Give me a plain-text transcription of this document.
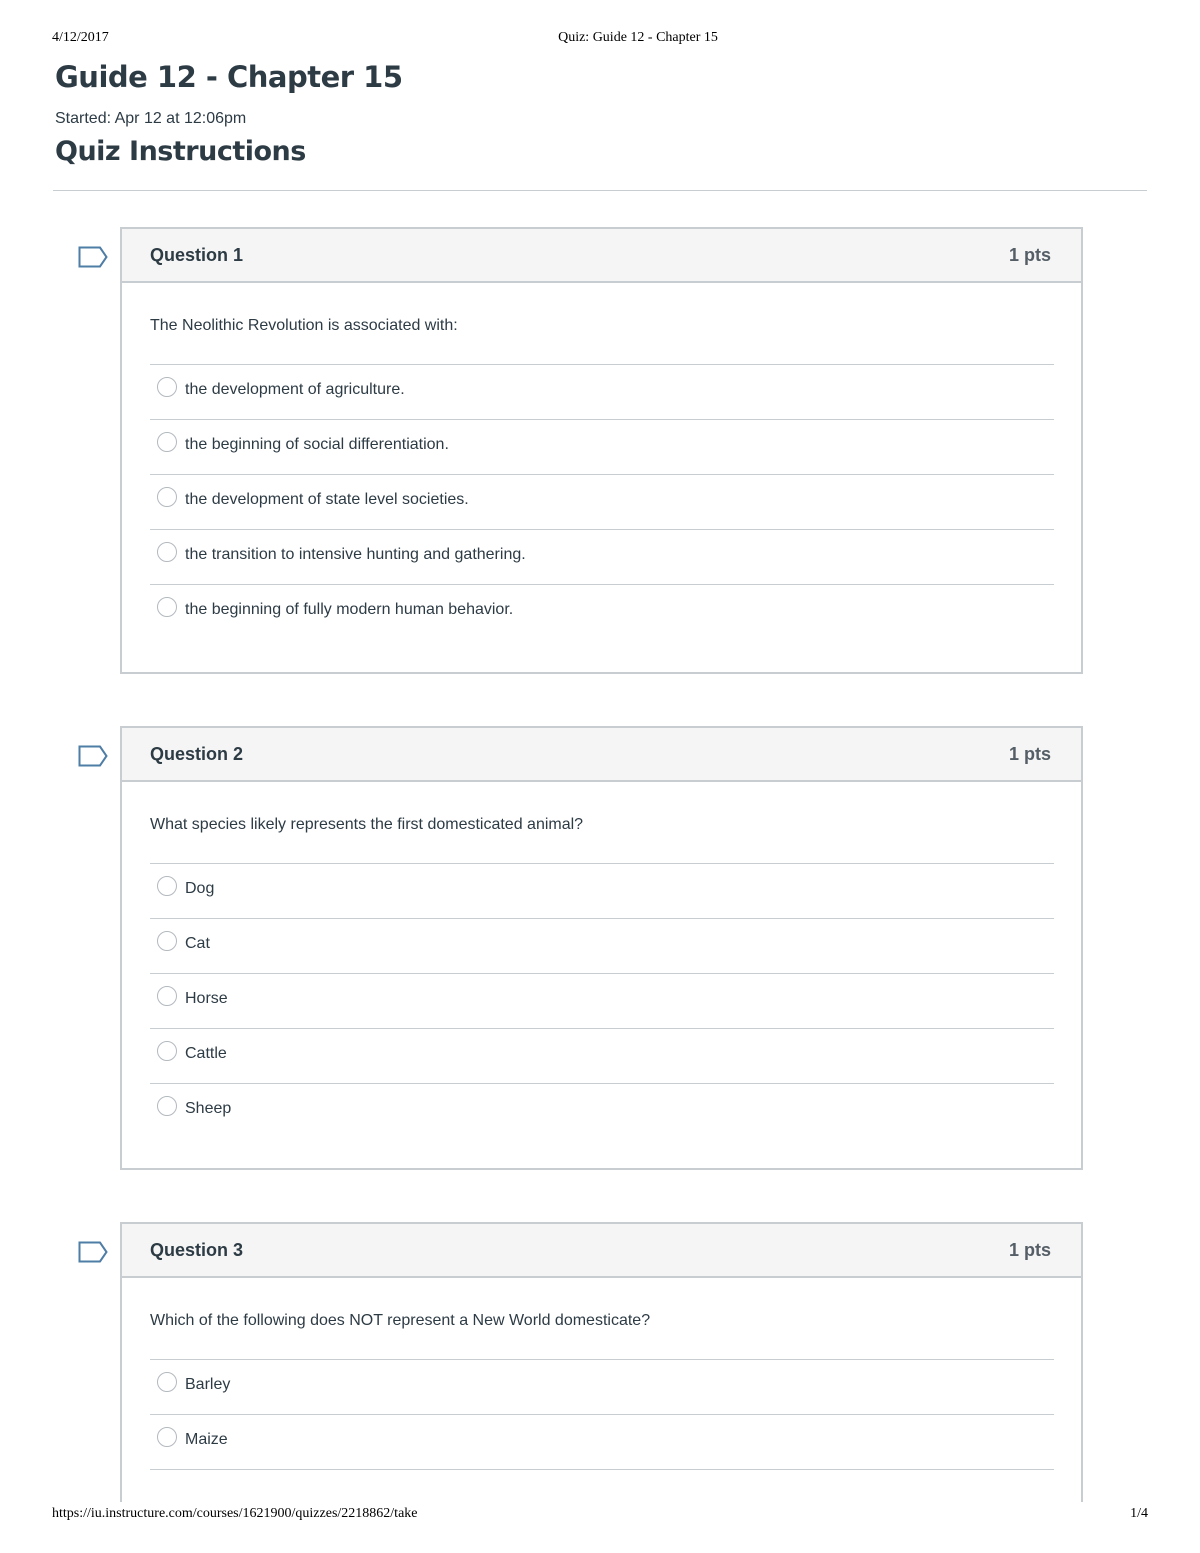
4/12/2017	Quiz: Guide 12 - Chapter 15
Guide 12 - Chapter 15
Started: Apr 12 at 12:06pm
Quiz Instructions
Question 1	1 pts
The Neolithic Revolution is associated with:
the development of agriculture.
the beginning of social differentiation.
the development of state level societies.
the transition to intensive hunting and gathering.
the beginning of fully modern human behavior.
Question 2	1 pts
What species likely represents the first domesticated animal?
Dog
Cat
Horse
Cattle
Sheep
Question 3	1 pts
Which of the following does NOT represent a New World domesticate?
Barley
Maize
https://iu.instructure.com/courses/1621900/quizzes/2218862/take	1/4
